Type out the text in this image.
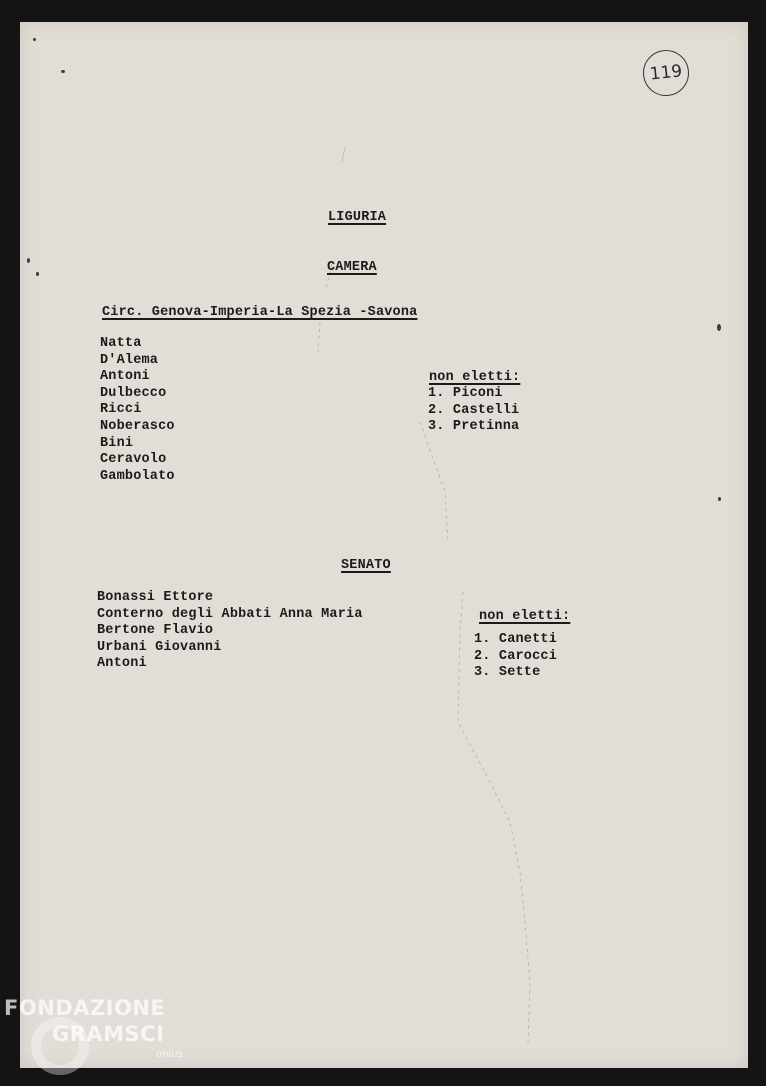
119

LIGURIA

CAMERA

Circ. Genova-Imperia-La Spezia -Savona

Natta
D'Alema
Antoni
Dulbecco
Ricci
Noberasco
Bini
Ceravolo
Gambolato

non eletti:

1. Piconi
2. Castelli
3. Pretinna

SENATO

Bonassi Ettore
Conterno degli Abbati Anna Maria
Bertone Flavio
Urbani Giovanni
Antoni

non eletti:

1. Canetti
2. Carocci
3. Sette

FONDAZIONE

GRAMSCI

onlus
